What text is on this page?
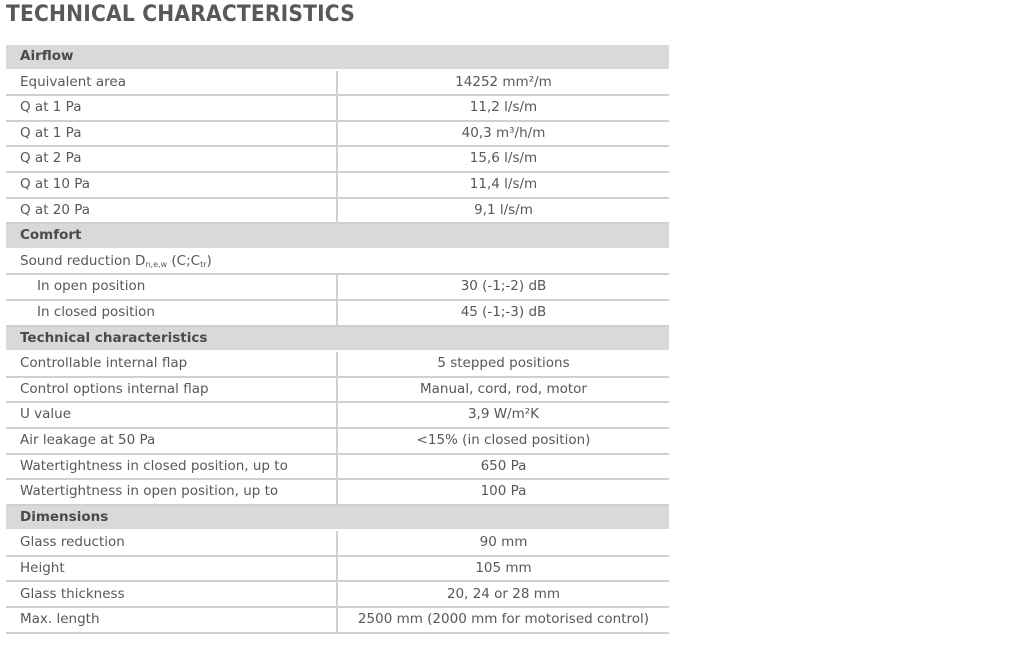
TECHNICAL CHARACTERISTICS
Airflow	
Equivalent area	14252 mm²/m
Q at 1 Pa	11,2 l/s/m
Q at 1 Pa	40,3 m³/h/m
Q at 2 Pa	15,6 l/s/m
Q at 10 Pa	11,4 l/s/m
Q at 20 Pa	9,1 l/s/m
Comfort	
Sound reduction $D_{n,e,w}$ $(C;C_{tr})$	
In open position	30 (-1;-2) dB
In closed position	45 (-1;-3) dB
Technical characteristics	
Controllable internal flap	5 stepped positions
Control options internal flap	Manual, cord, rod, motor
U value	3,9 W/m²K
Air leakage at 50 Pa	<15% (in closed position)
Watertightness in closed position, up to	650 Pa
Watertightness in open position, up to	100 Pa
Dimensions	
Glass reduction	90 mm
Height	105 mm
Glass thickness	20, 24 or 28 mm
Max. length	2500 mm (2000 mm for motorised control)
